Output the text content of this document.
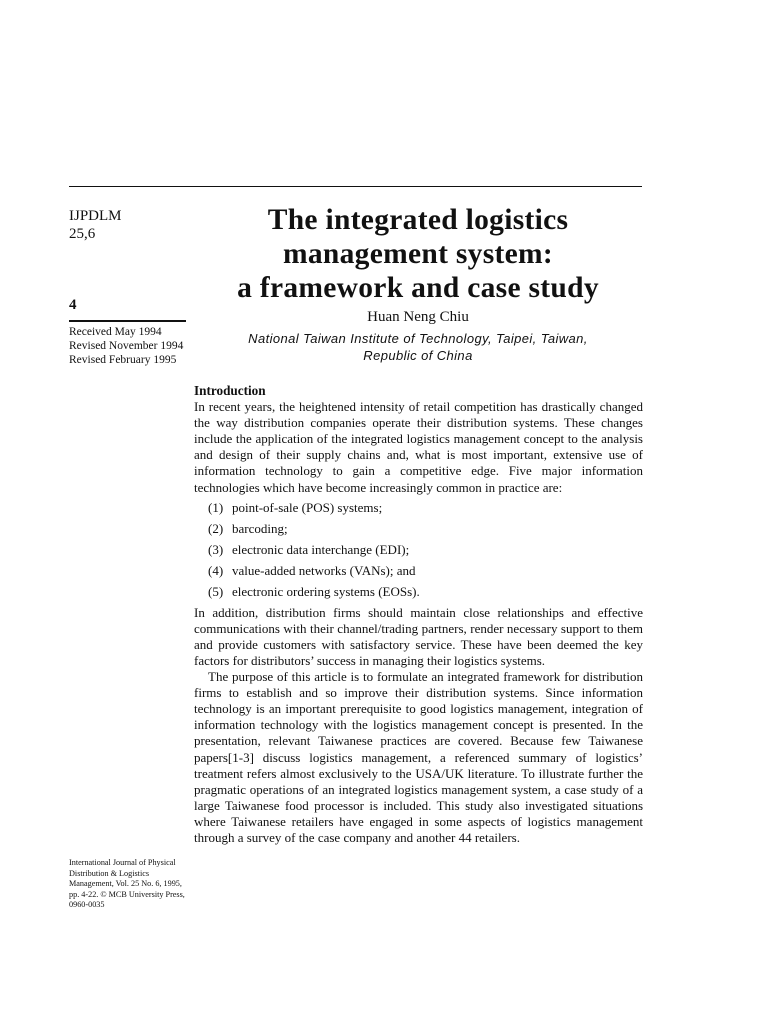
IJPDLM
25,6
4
Received May 1994
Revised November 1994
Revised February 1995
International Journal of Physical
Distribution & Logistics
Management, Vol. 25 No. 6, 1995,
pp. 4-22. © MCB University Press,
0960-0035
The integrated logistics
management system:
a framework and case study
Huan Neng Chiu
National Taiwan Institute of Technology, Taipei, Taiwan,
Republic of China
Introduction

In recent years, the heightened intensity of retail competition has drastically changed the way distribution companies operate their distribution systems. These changes include the application of the integrated logistics management concept to the analysis and design of their supply chains and, what is most important, extensive use of information technology to gain a competitive edge. Five major information technologies which have become increasingly common in practice are:

(1) point-of-sale (POS) systems;
(2) barcoding;
(3) electronic data interchange (EDI);
(4) value-added networks (VANs); and
(5) electronic ordering systems (EOSs).

In addition, distribution firms should maintain close relationships and effective communications with their channel/trading partners, render necessary support to them and provide customers with satisfactory service. These have been deemed the key factors for distributors’ success in managing their logistics systems.

The purpose of this article is to formulate an integrated framework for distribution firms to establish and so improve their distribution systems. Since information technology is an important prerequisite to good logistics management, integration of information technology with the logistics management concept is presented. In the presentation, relevant Taiwanese practices are covered. Because few Taiwanese papers[1-3] discuss logistics management, a referenced summary of logistics’ treatment refers almost exclusively to the USA/UK literature. To illustrate further the pragmatic operations of an integrated logistics management system, a case study of a large Taiwanese food processor is included. This study also investigated situations where Taiwanese retailers have engaged in some aspects of logistics management through a survey of the case company and another 44 retailers.
